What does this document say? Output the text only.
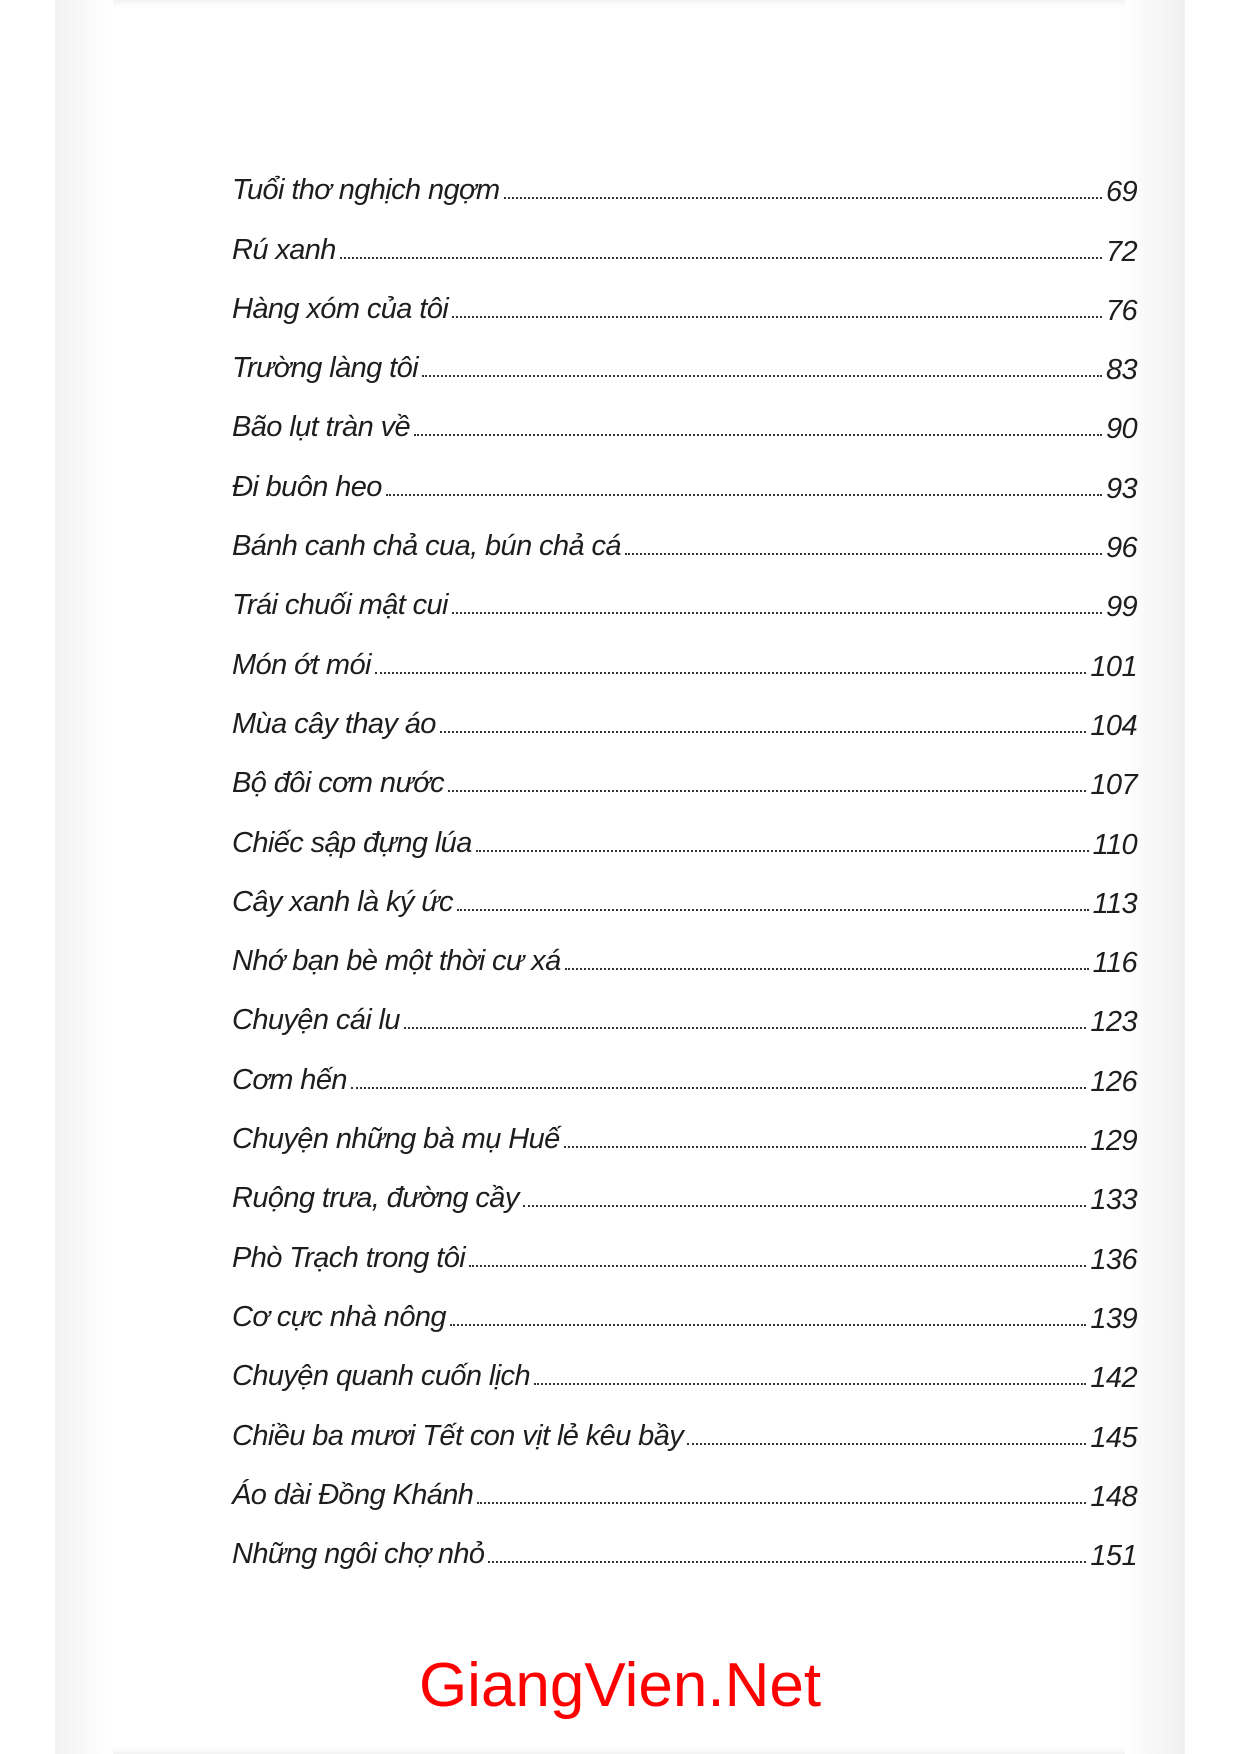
Tuổi thơ nghịch ngợm	69
Rú xanh	72
Hàng xóm của tôi	76
Trường làng tôi	83
Bão lụt tràn về	90
Đi buôn heo	93
Bánh canh chả cua, bún chả cá	96
Trái chuối mật cui	99
Món ớt mói	101
Mùa cây thay áo	104
Bộ đôi cơm nước	107
Chiếc sập đựng lúa	110
Cây xanh là ký ức	113
Nhớ bạn bè một thời cư xá	116
Chuyện cái lu	123
Cơm hến	126
Chuyện những bà mụ Huế	129
Ruộng trưa, đường cầy	133
Phò Trạch trong tôi	136
Cơ cực nhà nông	139
Chuyện quanh cuốn lịch	142
Chiều ba mươi Tết con vịt lẻ kêu bầy	145
Áo dài Đồng Khánh	148
Những ngôi chợ nhỏ	151
GiangVien.Net
